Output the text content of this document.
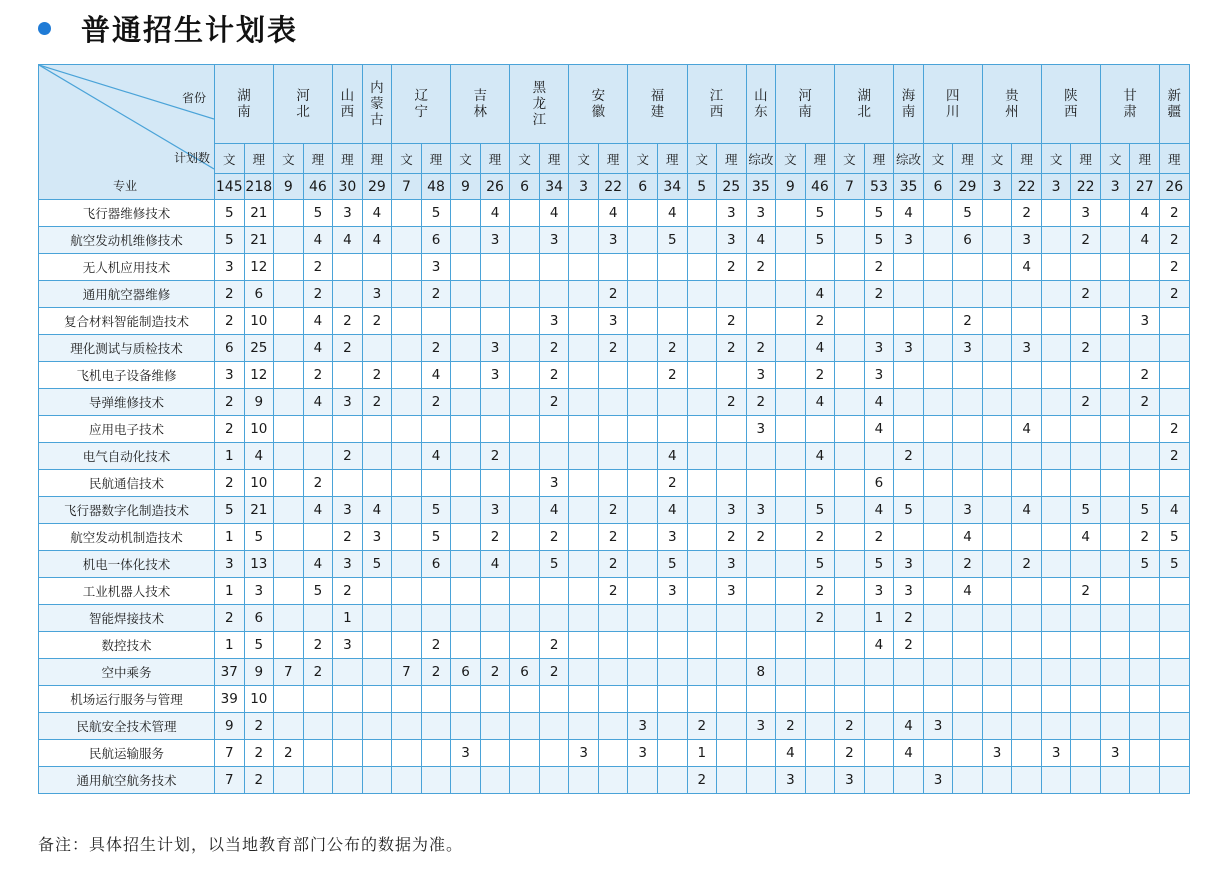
普通招生计划表
省份
计划数
专业	湖南		河北		山西	内蒙古	辽宁		吉林		黑龙江		安徽		福建		江西		山东	河南		湖北		海南	四川		贵州		陕西		甘肃		新疆
	文	理	文	理	理	理	文	理	文	理	文	理	文	理	文	理	文	理	综改	文	理	文	理	综改	文	理	文	理	文	理	文	理	理
	145	218	9	46	30	29	7	48	9	26	6	34	3	22	6	34	5	25	35	9	46	7	53	35	6	29	3	22	3	22	3	27	26
飞行器维修技术	5	21		5	3	4		5		4		4		4		4		3	3		5		5	4		5		2		3		4	2
航空发动机维修技术	5	21		4	4	4		6		3		3		3		5		3	4		5		5	3		6		3		2		4	2
无人机应用技术	3	12		2				3										2	2				2					4					2
通用航空器维修	2	6		2		3		2						2							4		2							2			2
复合材料智能制造技术	2	10		4	2	2						3		3				2			2					2						3	
理化测试与质检技术	6	25		4	2			2		3		2		2		2		2	2		4		3	3		3		3		2			
飞机电子设备维修	3	12		2		2		4		3		2				2			3		2		3									2	
导弹维修技术	2	9		4	3	2		2				2						2	2		4		4							2		2	
应用电子技术	2	10																	3				4					4					2
电气自动化技术	1	4			2			4		2						4					4			2									2
民航通信技术	2	10		2								3				2							6										
飞行器数字化制造技术	5	21		4	3	4		5		3		4		2		4		3	3		5		4	5		3		4		5		5	4
航空发动机制造技术	1	5			2	3		5		2		2		2		3		2	2		2		2			4				4		2	5
机电一体化技术	3	13		4	3	5		6		4		5		2		5		3			5		5	3		2		2				5	5
工业机器人技术	1	3		5	2									2		3		3			2		3	3		4				2			
智能焊接技术	2	6			1																2		1	2									
数控技术	1	5		2	3			2				2											4	2									
空中乘务	37	9	7	2			7	2	6	2	6	2							8														
机场运行服务与管理	39	10																															
民航安全技术管理	9	2													3		2		3	2		2		4	3								
民航运输服务	7	2	2						3				3		3		1			4		2		4			3		3		3		
通用航空航务技术	7	2															2			3		3			3								
备注：具体招生计划，以当地教育部门公布的数据为准。
